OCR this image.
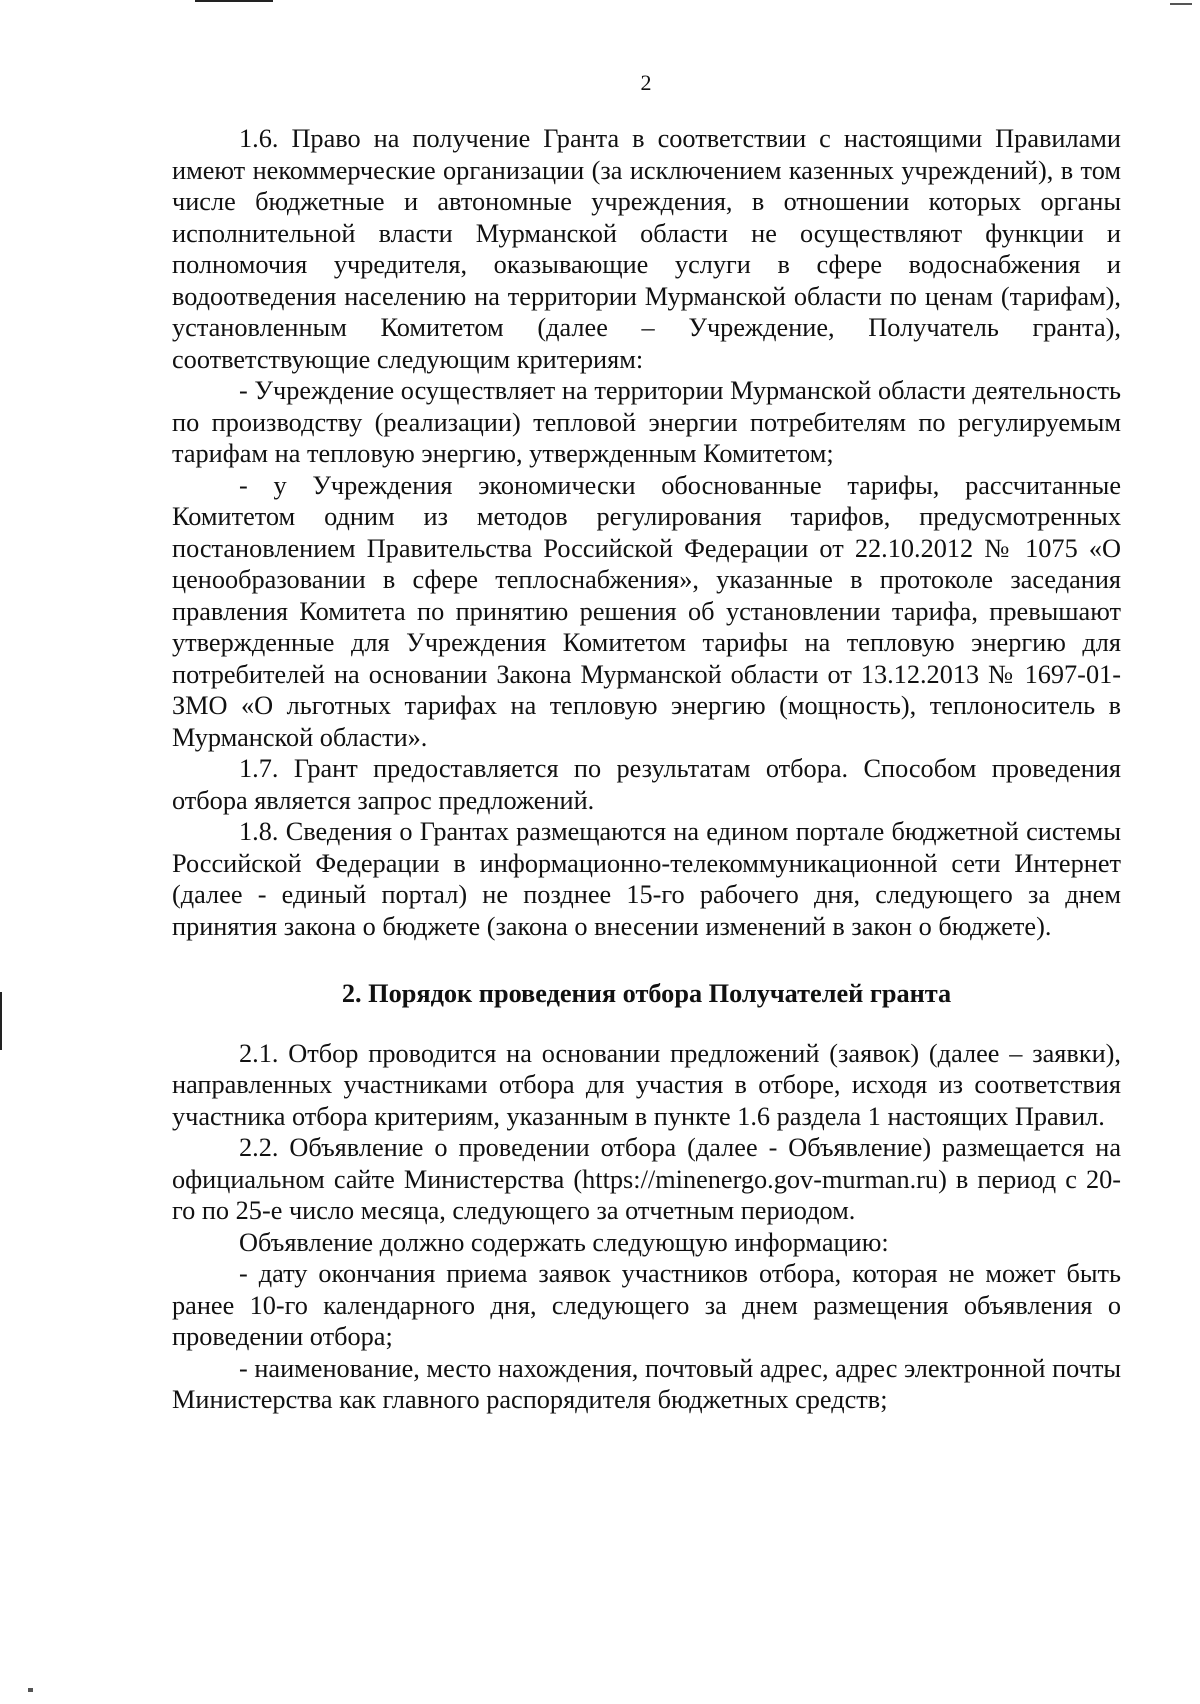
2

1.6. Право на получение Гранта в соответствии с настоящими Правилами имеют некоммерческие организации (за исключением казенных учреждений), в том числе бюджетные и автономные учреждения, в отношении которых органы исполнительной власти Мурманской области не осуществляют функции и полномочия учредителя, оказывающие услуги в сфере водоснабжения и водоотведения населению на территории Мурманской области по ценам (тарифам), установленным Комитетом (далее – Учреждение, Получатель гранта), соответствующие следующим критериям:

- Учреждение осуществляет на территории Мурманской области деятельность по производству (реализации) тепловой энергии потребителям по регулируемым тарифам на тепловую энергию, утвержденным Комитетом;

- у Учреждения экономически обоснованные тарифы, рассчитанные Комитетом одним из методов регулирования тарифов, предусмотренных постановлением Правительства Российской Федерации от 22.10.2012 № 1075 «О ценообразовании в сфере теплоснабжения», указанные в протоколе заседания правления Комитета по принятию решения об установлении тарифа, превышают утвержденные для Учреждения Комитетом тарифы на тепловую энергию для потребителей на основании Закона Мурманской области от 13.12.2013 № 1697-01-ЗМО «О льготных тарифах на тепловую энергию (мощность), теплоноситель в Мурманской области».

1.7. Грант предоставляется по результатам отбора. Способом проведения отбора является запрос предложений.

1.8. Сведения о Грантах размещаются на едином портале бюджетной системы Российской Федерации в информационно-телекоммуникационной сети Интернет (далее - единый портал) не позднее 15-го рабочего дня, следующего за днем принятия закона о бюджете (закона о внесении изменений в закон о бюджете).

2. Порядок проведения отбора Получателей гранта

2.1. Отбор проводится на основании предложений (заявок) (далее – заявки), направленных участниками отбора для участия в отборе, исходя из соответствия участника отбора критериям, указанным в пункте 1.6 раздела 1 настоящих Правил.

2.2. Объявление о проведении отбора (далее - Объявление) размещается на официальном сайте Министерства (https://minenergo.gov-murman.ru) в период с 20-го по 25-е число месяца, следующего за отчетным периодом.

Объявление должно содержать следующую информацию:

- дату окончания приема заявок участников отбора, которая не может быть ранее 10-го календарного дня, следующего за днем размещения объявления о проведении отбора;

- наименование, место нахождения, почтовый адрес, адрес электронной почты Министерства как главного распорядителя бюджетных средств;
